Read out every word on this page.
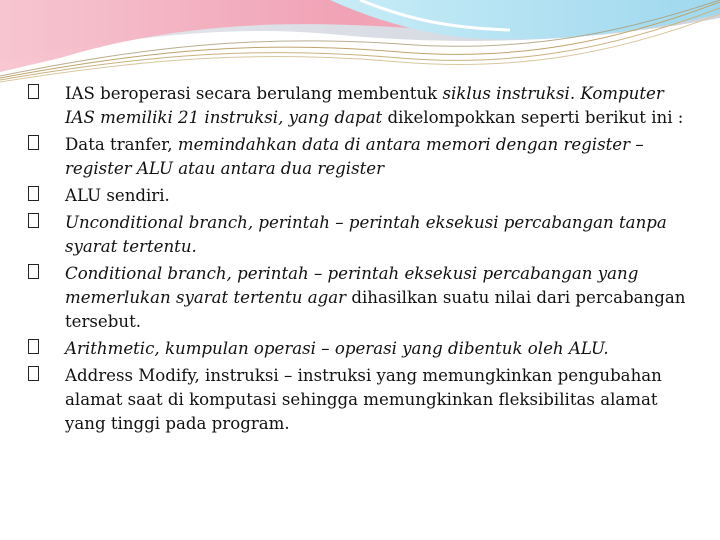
IAS beroperasi secara berulang membentuk siklus instruksi. Komputer IAS memiliki 21 instruksi, yang dapat dikelompokkan seperti berikut ini :
Data tranfer, memindahkan data di antara memori dengan register – register ALU atau antara dua register
ALU sendiri.
Unconditional branch, perintah – perintah eksekusi percabangan tanpa syarat tertentu.
Conditional branch, perintah – perintah eksekusi percabangan yang memerlukan syarat tertentu agar dihasilkan suatu nilai dari percabangan tersebut.
Arithmetic, kumpulan operasi – operasi yang dibentuk oleh ALU.
Address Modify, instruksi – instruksi yang memungkinkan pengubahan alamat saat di komputasi sehingga memungkinkan fleksibilitas alamat yang tinggi pada program.
